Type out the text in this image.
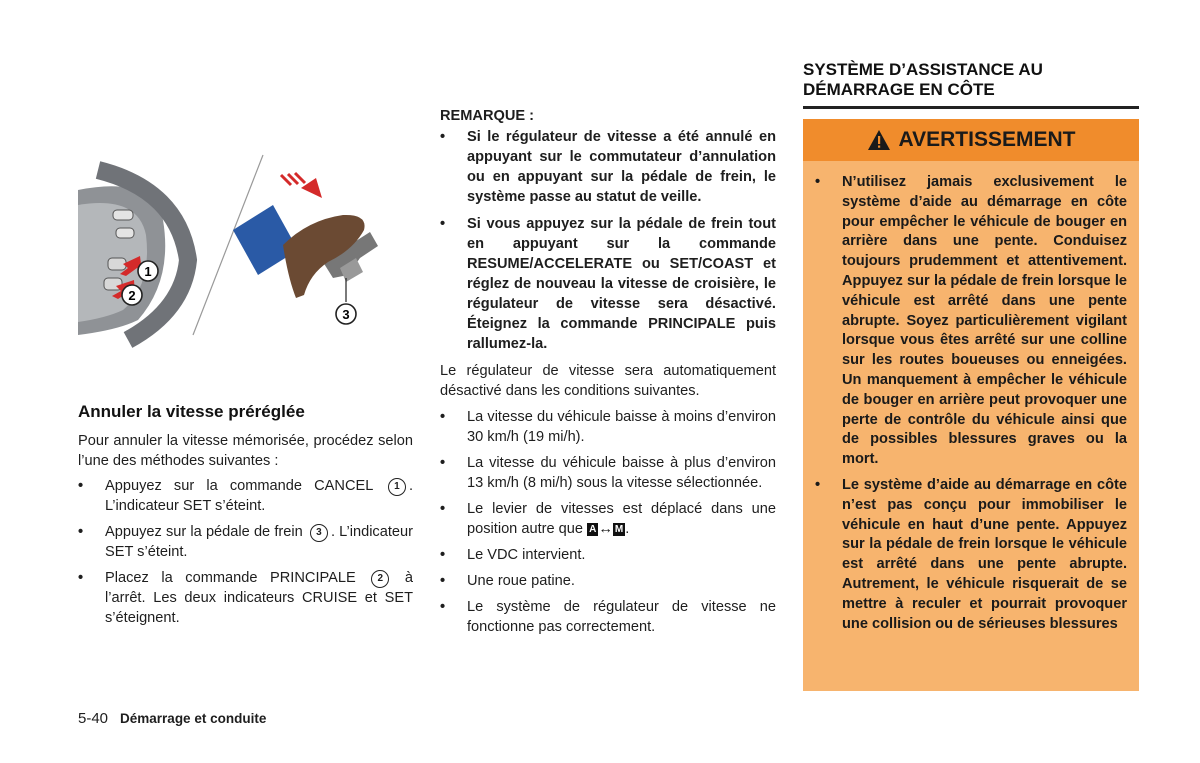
1
2
3
Annuler la vitesse préréglée

Pour annuler la vitesse mémorisée, procédez selon l’une des méthodes suivantes :

• Appuyez sur la commande CANCEL 1 . L’indicateur SET s’éteint.
• Appuyez sur la pédale de frein 3 . L’indicateur SET s’éteint.
• Placez la commande PRINCIPALE 2 à l’arrêt. Les deux indicateurs CRUISE et SET s’éteignent.

REMARQUE :

• Si le régulateur de vitesse a été annulé en appuyant sur le commutateur d’annulation ou en appuyant sur la pédale de frein, le système passe au statut de veille.
• Si vous appuyez sur la pédale de frein tout en appuyant sur la commande RESUME/ACCELERATE ou SET/COAST et réglez de nouveau la vitesse de croisière, le régulateur de vitesse sera désactivé. Éteignez la commande PRINCIPALE puis rallumez-la.

Le régulateur de vitesse sera automatiquement désactivé dans les conditions suivantes.

• La vitesse du véhicule baisse à moins d’environ 30 km/h (19 mi/h).
• La vitesse du véhicule baisse à plus d’environ 13 km/h (8 mi/h) sous la vitesse sélectionnée.
• Le levier de vitesses est déplacé dans une position autre que A ↔ M .
• Le VDC intervient.
• Une roue patine.
• Le système de régulateur de vitesse ne fonctionne pas correctement.
SYSTÈME D’ASSISTANCE AU DÉMARRAGE EN CÔTE
AVERTISSEMENT
• N’utilisez jamais exclusivement le système d’aide au démarrage en côte pour empêcher le véhicule de bouger en arrière dans une pente. Conduisez toujours prudemment et attentivement. Appuyez sur la pédale de frein lorsque le véhicule est arrêté dans une pente abrupte. Soyez particulièrement vigilant lorsque vous êtes arrêté sur une colline sur les routes boueuses ou enneigées. Un manquement à empêcher le véhicule de bouger en arrière peut provoquer une perte de contrôle du véhicule ainsi que de possibles blessures graves ou la mort.
• Le système d’aide au démarrage en côte n’est pas conçu pour immobiliser le véhicule en haut d’une pente. Appuyez sur la pédale de frein lorsque le véhicule est arrêté dans une pente abrupte. Autrement, le véhicule risquerait de se mettre à reculer et pourrait provoquer une collision ou de sérieuses blessures
5-40 Démarrage et conduite
